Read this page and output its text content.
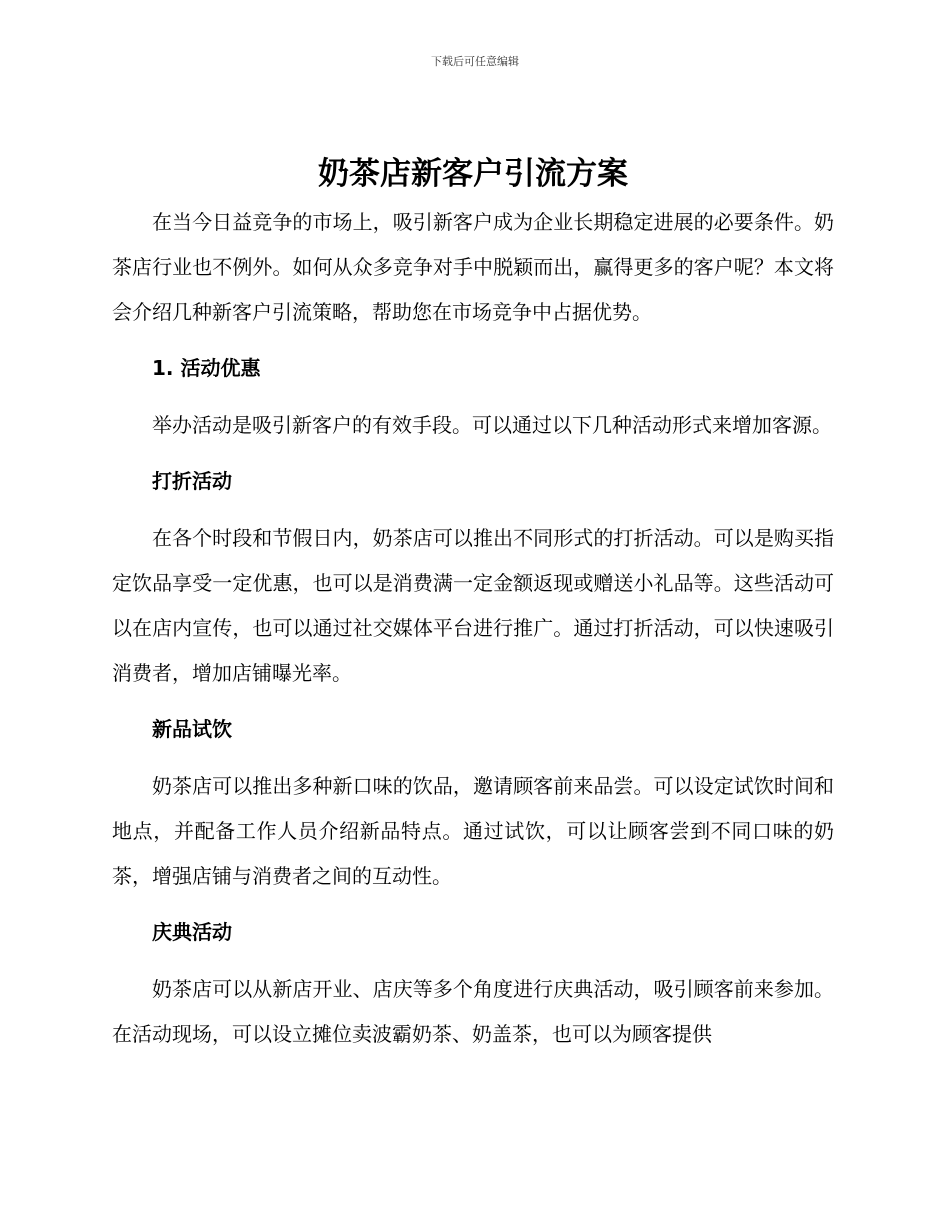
下载后可任意编辑
奶茶店新客户引流方案

在当今日益竞争的市场上，吸引新客户成为企业长期稳定进展的必要条件。奶茶店行业也不例外。如何从众多竞争对手中脱颖而出，赢得更多的客户呢？本文将会介绍几种新客户引流策略，帮助您在市场竞争中占据优势。

1. 活动优惠

举办活动是吸引新客户的有效手段。可以通过以下几种活动形式来增加客源。

打折活动

在各个时段和节假日内，奶茶店可以推出不同形式的打折活动。可以是购买指定饮品享受一定优惠，也可以是消费满一定金额返现或赠送小礼品等。这些活动可以在店内宣传，也可以通过社交媒体平台进行推广。通过打折活动，可以快速吸引消费者，增加店铺曝光率。

新品试饮

奶茶店可以推出多种新口味的饮品，邀请顾客前来品尝。可以设定试饮时间和地点，并配备工作人员介绍新品特点。通过试饮，可以让顾客尝到不同口味的奶茶，增强店铺与消费者之间的互动性。

庆典活动

奶茶店可以从新店开业、店庆等多个角度进行庆典活动，吸引顾客前来参加。在活动现场，可以设立摊位卖波霸奶茶、奶盖茶，也可以为顾客提供
